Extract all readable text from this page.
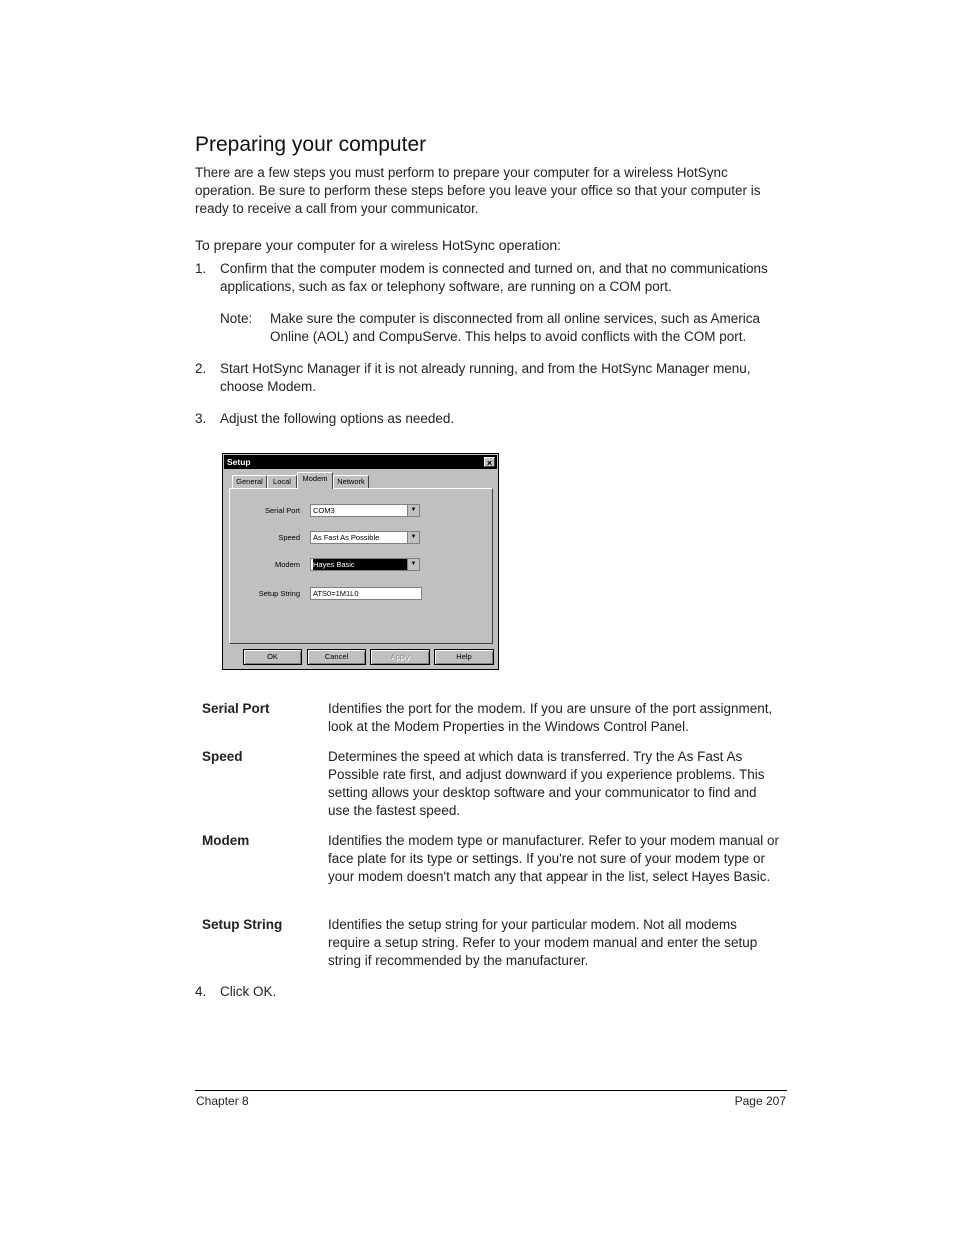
Preparing your computer
There are a few steps you must perform to prepare your computer for a wireless HotSync operation. Be sure to perform these steps before you leave your office so that your computer is ready to receive a call from your communicator.
To prepare your computer for a wireless HotSync operation:
1. Confirm that the computer modem is connected and turned on, and that no communications applications, such as fax or telephony software, are running on a COM port.
Note: Make sure the computer is disconnected from all online services, such as America Online (AOL) and CompuServe. This helps to avoid conflicts with the COM port.
2. Start HotSync Manager if it is not already running, and from the HotSync Manager menu, choose Modem.
3. Adjust the following options as needed.
Setup	×
General	Local	Modem	Network
Serial Port	COM3	▼
Speed	As Fast As Possible	▼
Modem	Hayes Basic	▼
Setup String	ATS0=1M1L0
OK	Cancel	Apply	Help
Serial Port	Identifies the port for the modem. If you are unsure of the port assignment, look at the Modem Properties in the Windows Control Panel.
Speed	Determines the speed at which data is transferred. Try the As Fast As Possible rate first, and adjust downward if you experience problems. This setting allows your desktop software and your communicator to find and use the fastest speed.
Modem	Identifies the modem type or manufacturer. Refer to your modem manual or face plate for its type or settings. If you're not sure of your modem type or your modem doesn't match any that appear in the list, select Hayes Basic.
Setup String	Identifies the setup string for your particular modem. Not all modems require a setup string. Refer to your modem manual and enter the setup string if recommended by the manufacturer.
4. Click OK.
Chapter 8	Page 207
